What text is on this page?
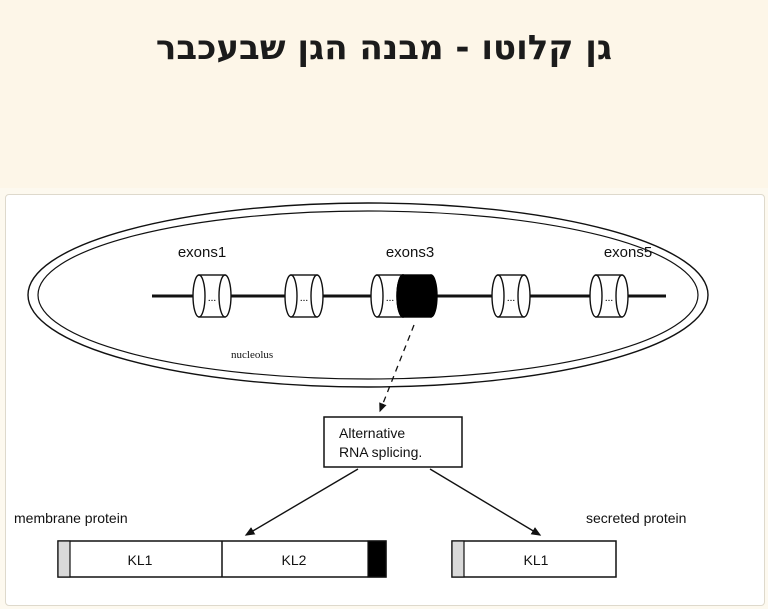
גן קלוטו - מבנה הגן שבעכבר
...	...	...	...	...
exons1	exons3	exons5
nucleolus
Alternative
RNA splicing.
membrane protein
KL1	KL2
secreted protein
KL1
